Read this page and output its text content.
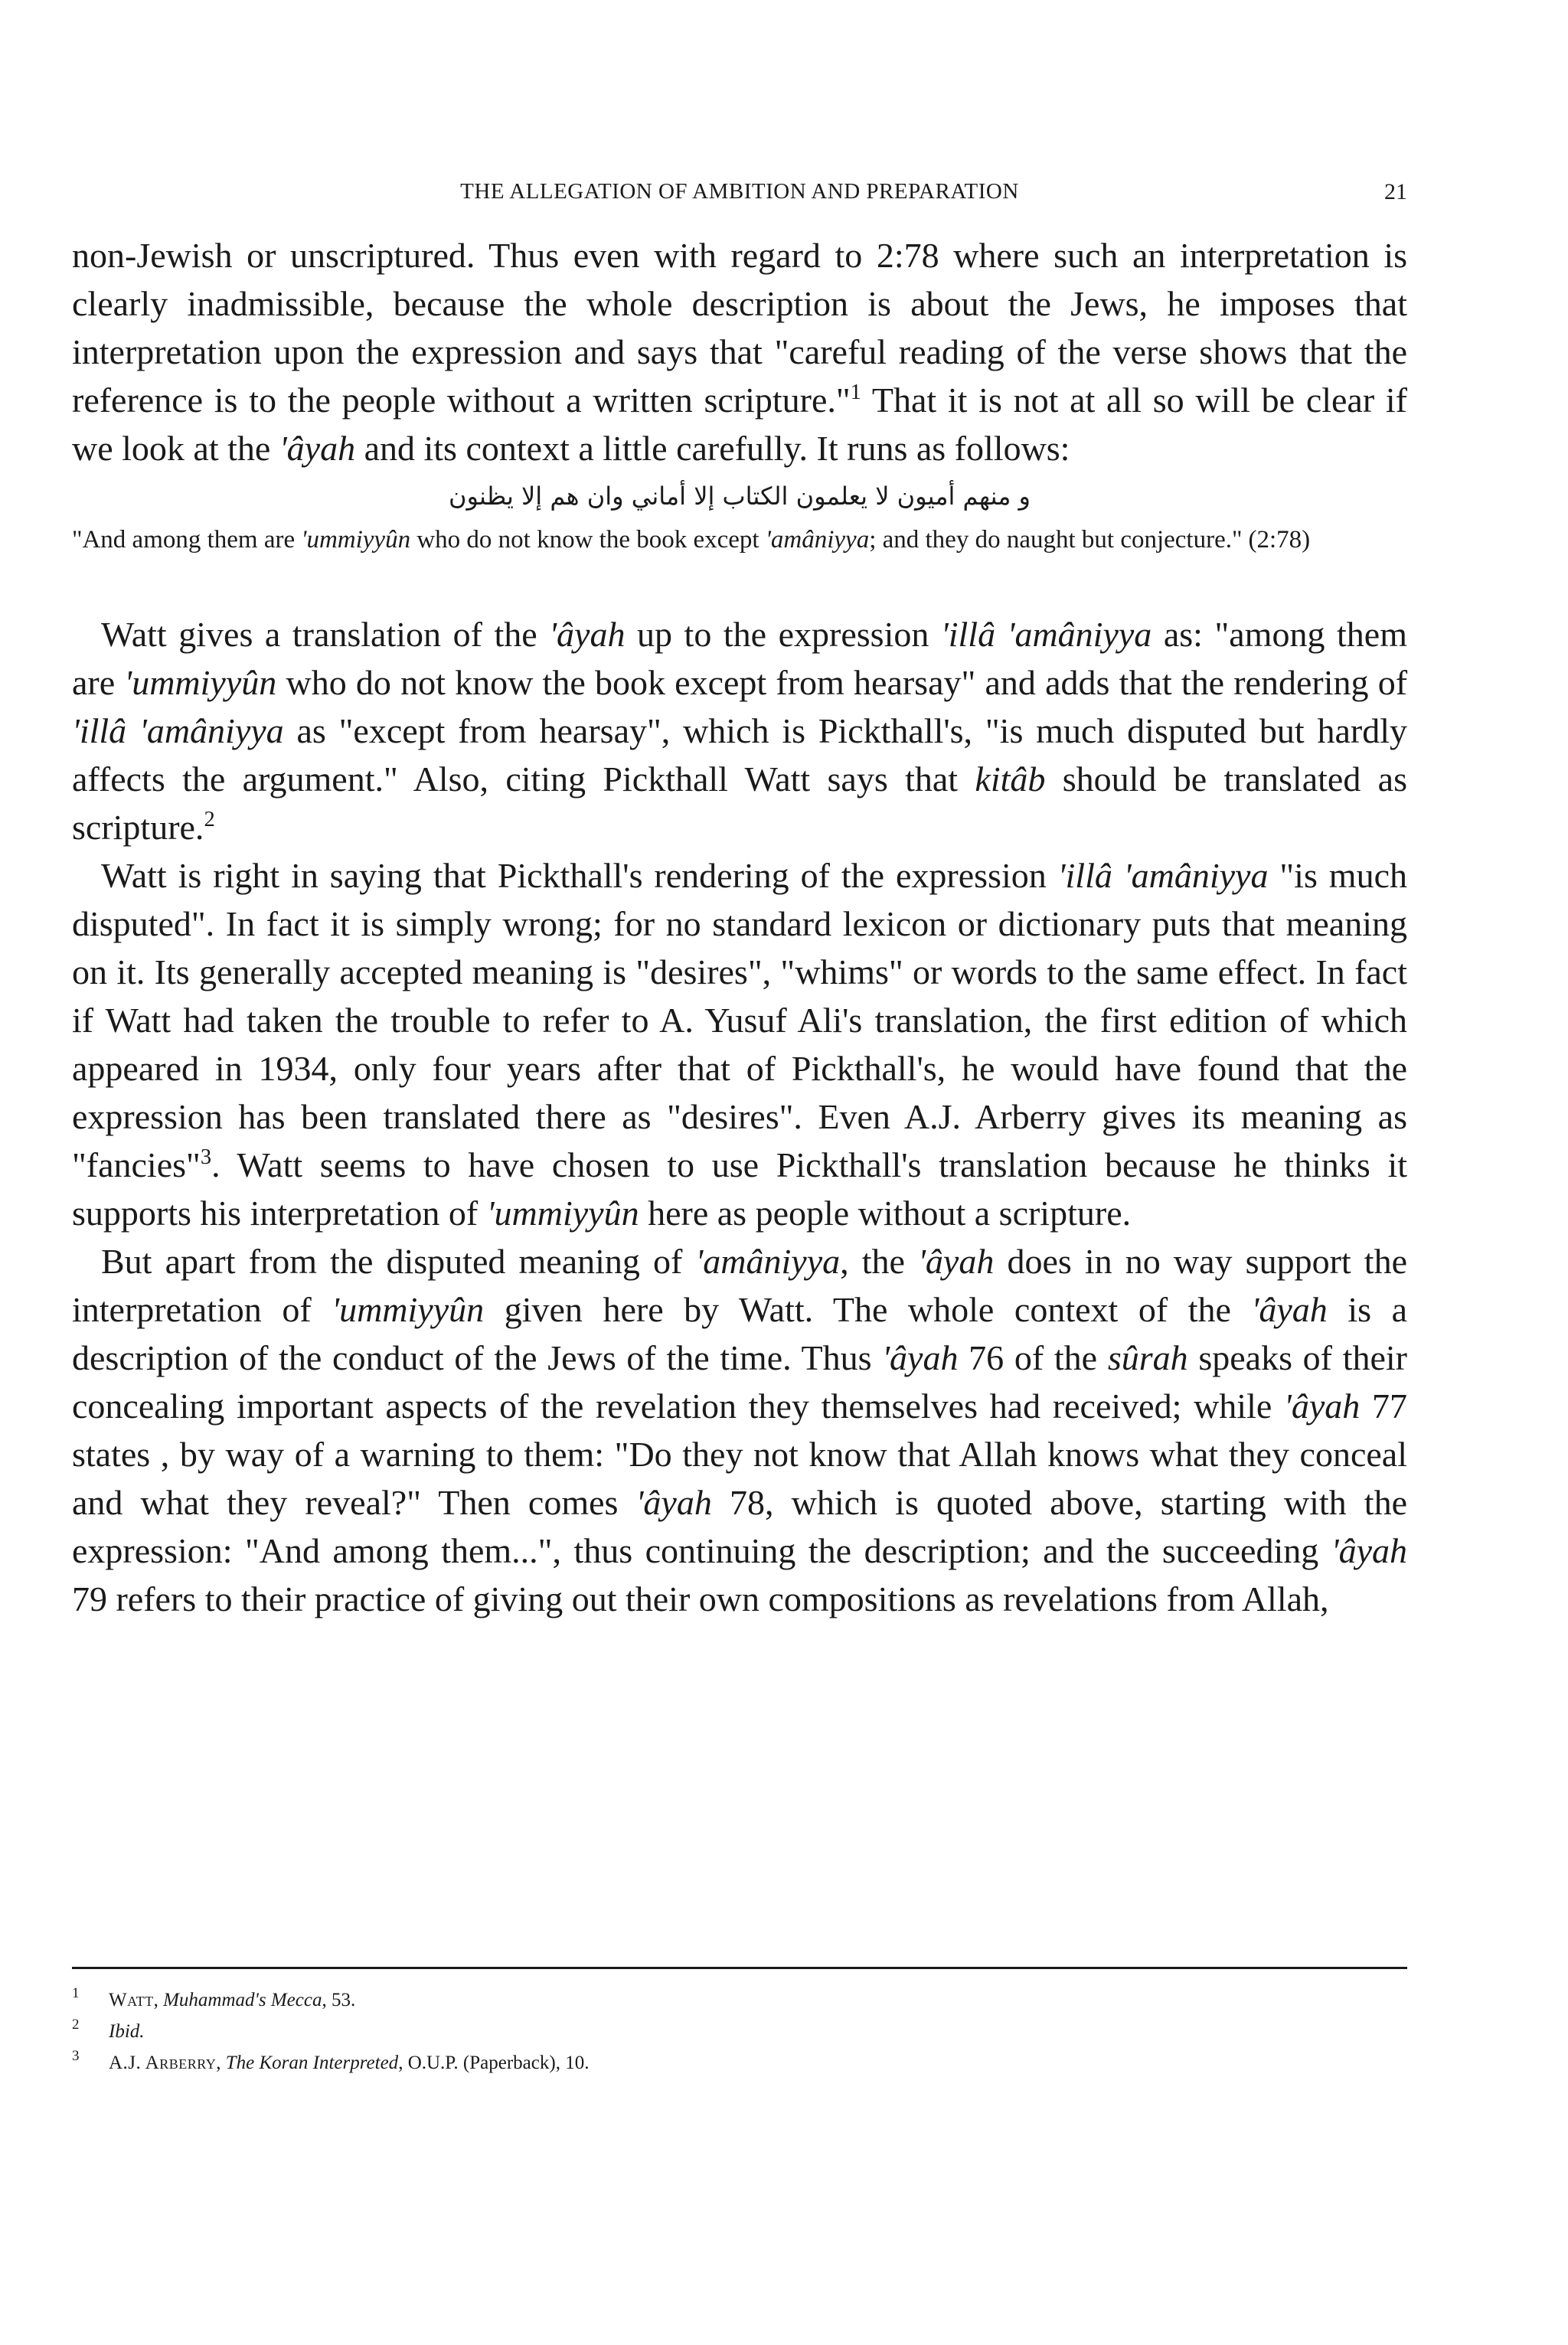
THE ALLEGATION OF AMBITION AND PREPARATION	21

non-Jewish or unscriptured. Thus even with regard to 2:78 where such an interpretation is clearly inadmissible, because the whole description is about the Jews, he imposes that interpretation upon the expression and says that "careful reading of the verse shows that the reference is to the people without a written scripture."$^1$ That it is not at all so will be clear if we look at the 'âyah and its context a little carefully. It runs as follows:

و منهم أميون لا يعلمون الكتاب إلا أماني وان هم إلا يظنون

"And among them are 'ummiyyûn who do not know the book except 'amâniyya; and they do naught but conjecture." (2:78)

Watt gives a translation of the 'âyah up to the expression 'illâ 'amâniyya as: "among them are 'ummiyyûn who do not know the book except from hearsay" and adds that the rendering of 'illâ 'amâniyya as "except from hearsay", which is Pickthall's, "is much disputed but hardly affects the argument." Also, citing Pickthall Watt says that kitâb should be translated as scripture.$^2$

Watt is right in saying that Pickthall's rendering of the expression 'illâ 'amâniyya "is much disputed". In fact it is simply wrong; for no standard lexicon or dictionary puts that meaning on it. Its generally accepted meaning is "desires", "whims" or words to the same effect. In fact if Watt had taken the trouble to refer to A. Yusuf Ali's translation, the first edition of which appeared in 1934, only four years after that of Pickthall's, he would have found that the expression has been translated there as "desires". Even A.J. Arberry gives its meaning as "fancies"$^3$. Watt seems to have chosen to use Pickthall's translation because he thinks it supports his interpretation of 'ummiyyûn here as people without a scripture.

But apart from the disputed meaning of 'amâniyya, the 'âyah does in no way support the interpretation of 'ummiyyûn given here by Watt. The whole context of the 'âyah is a description of the conduct of the Jews of the time. Thus 'âyah 76 of the sûrah speaks of their concealing important aspects of the revelation they themselves had received; while 'âyah 77 states , by way of a warning to them: "Do they not know that Allah knows what they conceal and what they reveal?" Then comes 'âyah 78, which is quoted above, starting with the expression: "And among them...", thus continuing the description; and the succeeding 'âyah 79 refers to their practice of giving out their own compositions as revelations from Allah,

1 Watt, Muhammad's Mecca, 53.
2 Ibid.
3 A.J. Arberry, The Koran Interpreted, O.U.P. (Paperback), 10.
